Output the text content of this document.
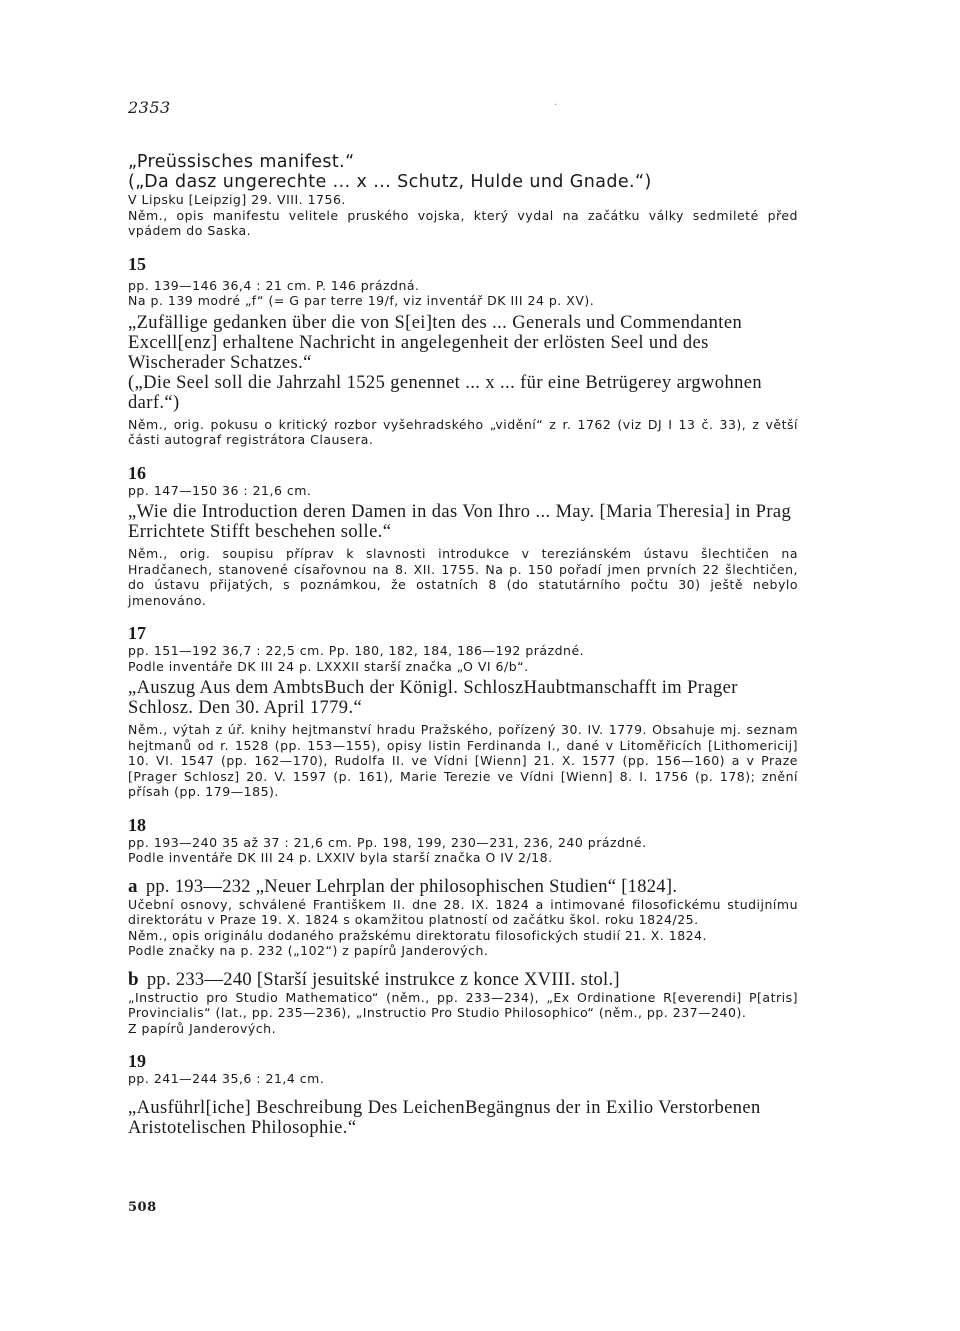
2353	·

„Preüssisches manifest.“

(„Da dasz ungerechte ... x ... Schutz, Hulde und Gnade.“)

V Lipsku [Leipzig] 29. VIII. 1756.

Něm., opis manifestu velitele pruského vojska, který vydal na začátku války sedmileté před vpádem do Saska.

15

pp. 139—146 36,4 : 21 cm. P. 146 prázdná.

Na p. 139 modré „f“ (= G par terre 19/f, viz inventář DK III 24 p. XV).

„Zufällige gedanken über die von S[ei]ten des ... Generals und Commendanten Excell[enz] erhaltene Nachricht in angelegenheit der erlösten Seel und des Wischerader Schatzes.“

(„Die Seel soll die Jahrzahl 1525 genennet ... x ... für eine Betrügerey argwohnen darf.“)

Něm., orig. pokusu o kritický rozbor vyšehradského „vidění“ z r. 1762 (viz DJ I 13 č. 33), z větší části autograf registrátora Clausera.

16

pp. 147—150 36 : 21,6 cm.

„Wie die Introduction deren Damen in das Von Ihro ... May. [Maria Theresia] in Prag Errichtete Stifft beschehen solle.“

Něm., orig. soupisu příprav k slavnosti introdukce v tereziánském ústavu šlechtičen na Hradčanech, stanovené císařovnou na 8. XII. 1755. Na p. 150 pořadí jmen prvních 22 šlechtičen, do ústavu přijatých, s poznámkou, že ostatních 8 (do statutárního počtu 30) ještě nebylo jmenováno.

17

pp. 151—192 36,7 : 22,5 cm. Pp. 180, 182, 184, 186—192 prázdné.

Podle inventáře DK III 24 p. LXXXII starší značka „O VI 6/b“.

„Auszug Aus dem AmbtsBuch der Königl. SchloszHaubtmanschafft im Prager Schlosz. Den 30. April 1779.“

Něm., výtah z úř. knihy hejtmanství hradu Pražského, pořízený 30. IV. 1779. Obsahuje mj. seznam hejtmanů od r. 1528 (pp. 153—155), opisy listin Ferdinanda I., dané v Litoměřicích [Lithomericij] 10. VI. 1547 (pp. 162—170), Rudolfa II. ve Vídni [Wienn] 21. X. 1577 (pp. 156—160) a v Praze [Prager Schlosz] 20. V. 1597 (p. 161), Marie Terezie ve Vídni [Wienn] 8. I. 1756 (p. 178); znění přísah (pp. 179—185).

18

pp. 193—240 35 až 37 : 21,6 cm. Pp. 198, 199, 230—231, 236, 240 prázdné.

Podle inventáře DK III 24 p. LXXIV byla starší značka O IV 2/18.

a pp. 193—232 „Neuer Lehrplan der philosophischen Studien“ [1824].

Učební osnovy, schválené Františkem II. dne 28. IX. 1824 a intimované filosofickému studijnímu direktorátu v Praze 19. X. 1824 s okamžitou platností od začátku škol. roku 1824/25.

Něm., opis originálu dodaného pražskému direktoratu filosofických studií 21. X. 1824.

Podle značky na p. 232 („102“) z papírů Janderových.

b pp. 233—240 [Starší jesuitské instrukce z konce XVIII. stol.]

„Instructio pro Studio Mathematico“ (něm., pp. 233—234), „Ex Ordinatione R[everendi] P[atris] Provincialis“ (lat., pp. 235—236), „Instructio Pro Studio Philosophico“ (něm., pp. 237—240).

Z papírů Janderových.

19

pp. 241—244 35,6 : 21,4 cm.

„Ausführl[iche] Beschreibung Des LeichenBegängnus der in Exilio Verstorbenen Aristotelischen Philosophie.“

508
